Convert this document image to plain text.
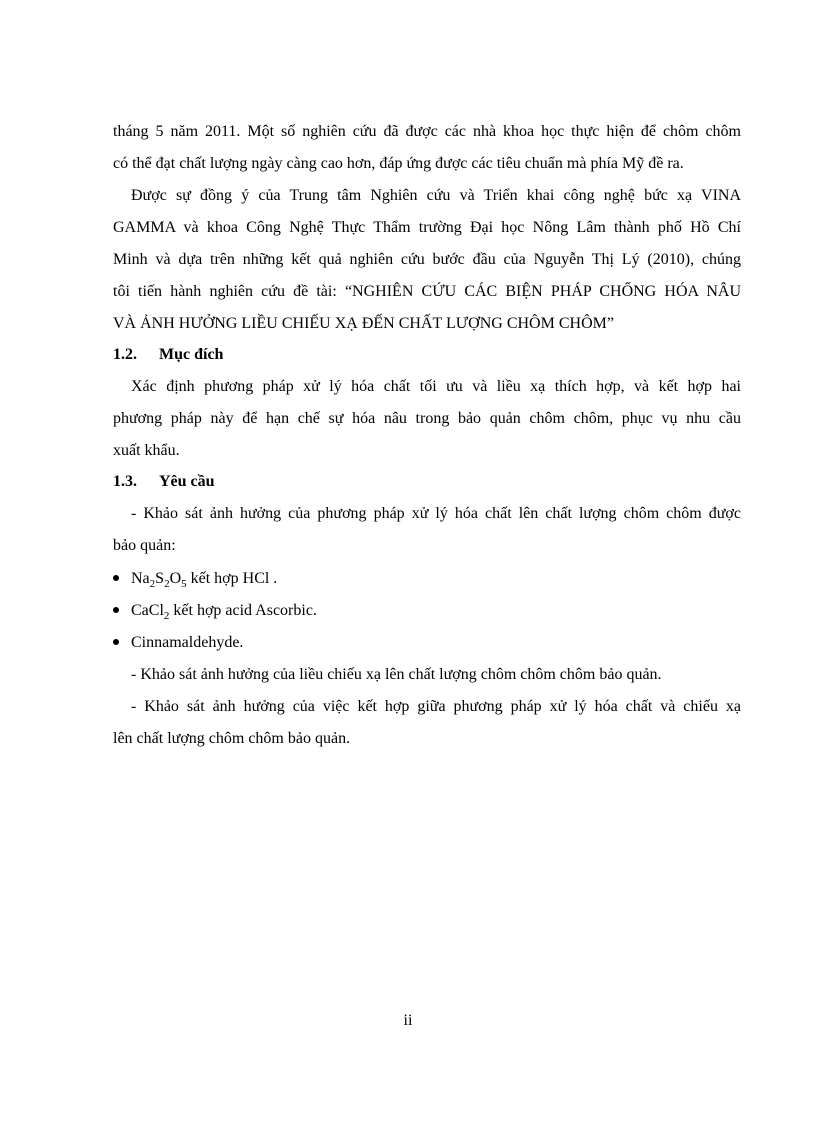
tháng 5 năm 2011. Một số nghiên cứu đã được các nhà khoa học thực hiện để chôm chôm
có thể đạt chất lượng ngày càng cao hơn, đáp ứng được các tiêu chuẩn mà phía Mỹ đề ra.
Được sự đồng ý của Trung tâm Nghiên cứu và Triển khai công nghệ bức xạ VINA
GAMMA và khoa Công Nghệ Thực Thẩm trường Đại học Nông Lâm thành phố Hồ Chí
Minh và dựa trên những kết quả nghiên cứu bước đầu của Nguyễn Thị Lý (2010), chúng
tôi tiến hành nghiên cứu đề tài: “NGHIÊN CỨU CÁC BIỆN PHÁP CHỐNG HÓA NÂU
VÀ ẢNH HƯỞNG LIỀU CHIẾU XẠ ĐẾN CHẤT LƯỢNG CHÔM CHÔM”
1.2. Mục đích
Xác định phương pháp xử lý hóa chất tối ưu và liều xạ thích hợp, và kết hợp hai
phương pháp này để hạn chế sự hóa nâu trong bảo quản chôm chôm, phục vụ nhu cầu
xuất khẩu.
1.3. Yêu cầu
- Khảo sát ảnh hưởng của phương pháp xử lý hóa chất lên chất lượng chôm chôm được
bảo quản:
$Na_2S_2O_5$ kết hợp HCl .
CaCl$_2$ kết hợp acid Ascorbic.
Cinnamaldehyde.
- Khảo sát ảnh hưởng của liều chiếu xạ lên chất lượng chôm chôm chôm bảo quản.
- Khảo sát ảnh hưởng của việc kết hợp giữa phương pháp xử lý hóa chất và chiếu xạ
lên chất lượng chôm chôm bảo quản.
ii
